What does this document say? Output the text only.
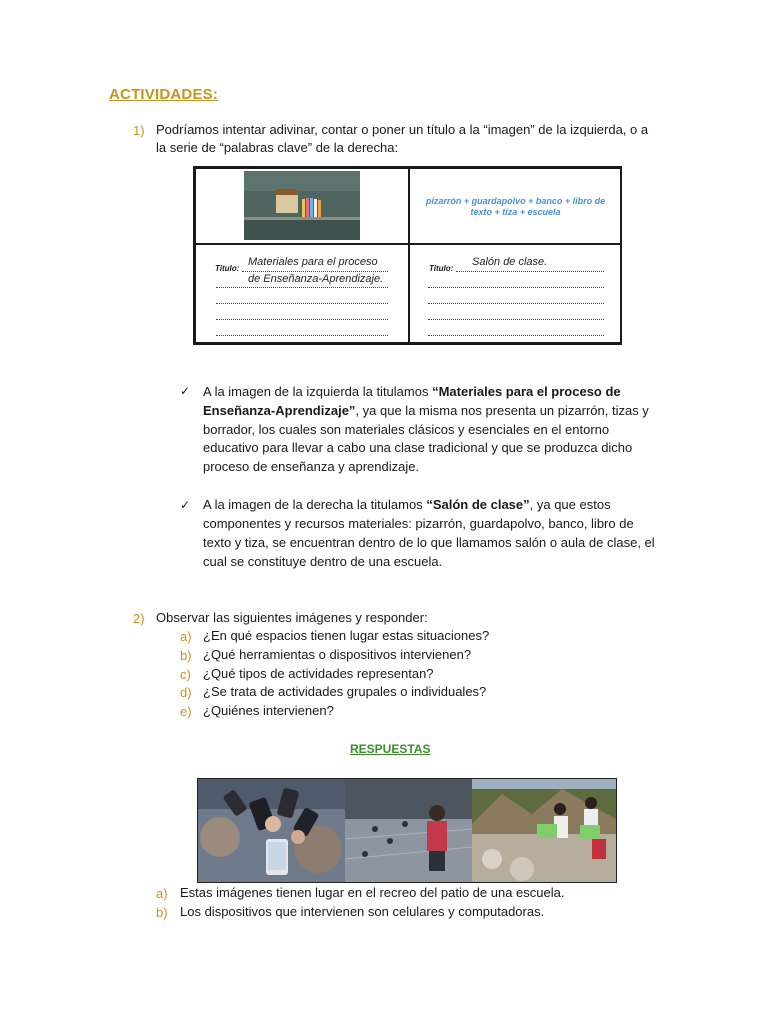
ACTIVIDADES:
1) Podríamos intentar adivinar, contar o poner un título a la “imagen” de la izquierda, o a
la serie de “palabras clave” de la derecha:
pizarrón + guardapolvo + banco + libro de
texto + tiza + escuela
Titulo:
Materiales para el proceso
de Enseñanza-Aprendizaje.
Titulo:
Salón de clase.
✓ A la imagen de la izquierda la titulamos “Materiales para el proceso de
Enseñanza-Aprendizaje”, ya que la misma nos presenta un pizarrón, tizas y
borrador, los cuales son materiales clásicos y esenciales en el entorno
educativo para llevar a cabo una clase tradicional y que se produzca dicho
proceso de enseñanza y aprendizaje.
✓ A la imagen de la derecha la titulamos “Salón de clase”, ya que estos
componentes y recursos materiales: pizarrón, guardapolvo, banco, libro de
texto y tiza, se encuentran dentro de lo que llamamos salón o aula de clase, el
cual se constituye dentro de una escuela.
2) Observar las siguientes imágenes y responder:
a) ¿En qué espacios tienen lugar estas situaciones?
b) ¿Qué herramientas o dispositivos intervienen?
c) ¿Qué tipos de actividades representan?
d) ¿Se trata de actividades grupales o individuales?
e) ¿Quiénes intervienen?
RESPUESTAS
a) Estas imágenes tienen lugar en el recreo del patio de una escuela.
b) Los dispositivos que intervienen son celulares y computadoras.
